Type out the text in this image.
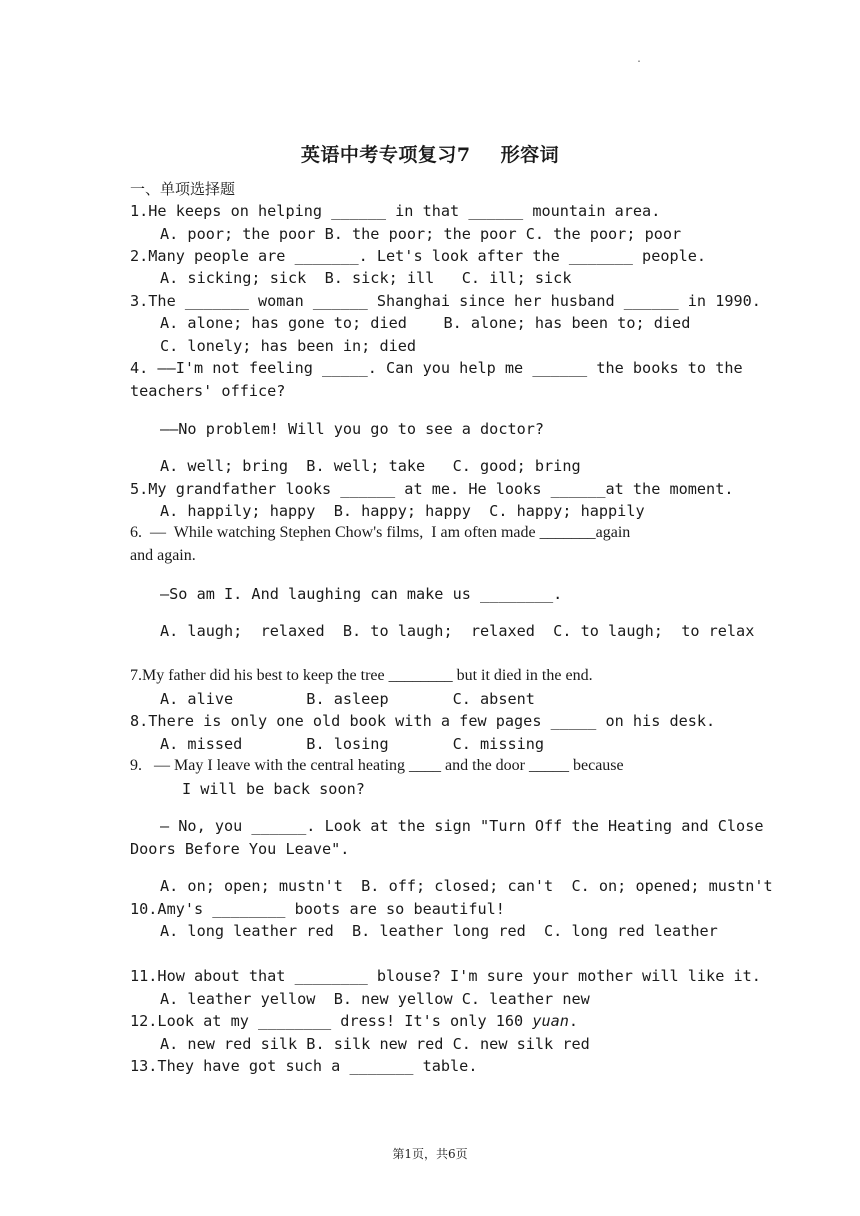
.
英语中考专项复习7 形容词
一、单项选择题
1.He keeps on helping ______ in that ______ mountain area.
A. poor; the poor B. the poor; the poor C. the poor; poor
2.Many people are _______. Let's look after the _______ people.
A. sicking; sick  B. sick; ill   C. ill; sick
3.The _______ woman ______ Shanghai since her husband ______ in 1990.
A. alone; has gone to; died    B. alone; has been to; died
C. lonely; has been in; died
4. ——I'm not feeling _____. Can you help me ______ the books to the
teachers' office?
——No problem! Will you go to see a doctor?
A. well; bring  B. well; take   C. good; bring
5.My grandfather looks ______ at me. He looks ______at the moment.
A. happily; happy  B. happy; happy  C. happy; happily
6.  —  While watching Stephen Chow's films,  I am often made _______again
and again.
—So am I. And laughing can make us ________.
A. laugh;  relaxed  B. to laugh;  relaxed  C. to laugh;  to relax
7.My father did his best to keep the tree ________ but it died in the end.
A. alive        B. asleep       C. absent
8.There is only one old book with a few pages _____ on his desk.
A. missed       B. losing       C. missing
9.   — May I leave with the central heating ____ and the door _____ because
I will be back soon?
— No, you ______. Look at the sign "Turn Off the Heating and Close
Doors Before You Leave".
A. on; open; mustn't  B. off; closed; can't  C. on; opened; mustn't
10.Amy's ________ boots are so beautiful!
A. long leather red  B. leather long red  C. long red leather
11.How about that ________ blouse? I'm sure your mother will like it.
A. leather yellow  B. new yellow C. leather new
12.Look at my ________ dress! It's only 160 yuan.
A. new red silk B. silk new red C. new silk red
13.They have got such a _______ table.
第1页，共6页
